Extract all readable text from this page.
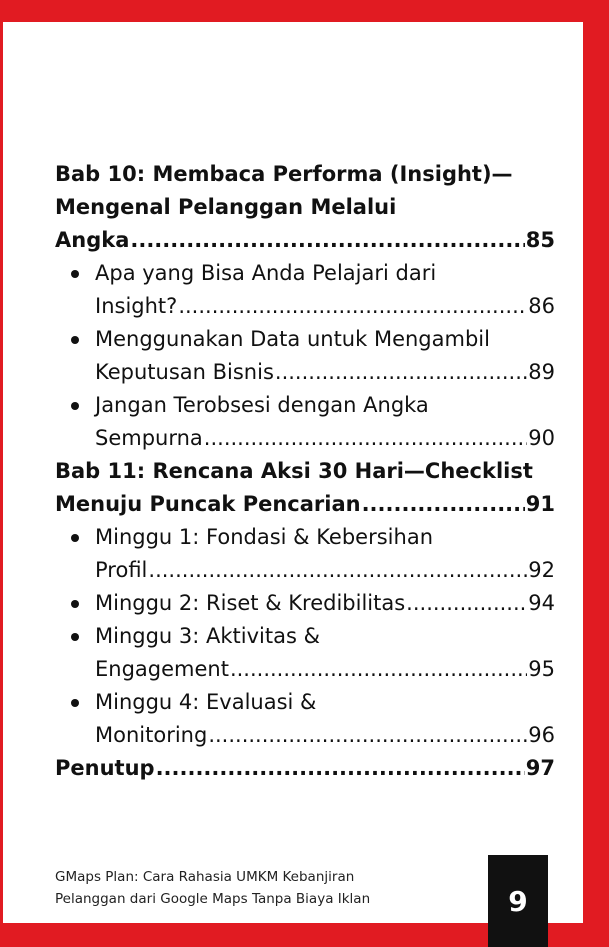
Bab 10: Membaca Performa (Insight)—
Mengenal Pelanggan Melalui
Angka .....	85
Apa yang Bisa Anda Pelajari dari
Insight? .....	86
Menggunakan Data untuk Mengambil
Keputusan Bisnis .....	89
Jangan Terobsesi dengan Angka
Sempurna .....	90
Bab 11: Rencana Aksi 30 Hari—Checklist
Menuju Puncak Pencarian .....	91
Minggu 1: Fondasi & Kebersihan
Profil .....	92
Minggu 2: Riset & Kredibilitas .....	94
Minggu 3: Aktivitas &
Engagement .....	95
Minggu 4: Evaluasi &
Monitoring .....	96
Penutup .....	97
GMaps Plan: Cara Rahasia UMKM Kebanjiran
Pelanggan dari Google Maps Tanpa Biaya Iklan	9
